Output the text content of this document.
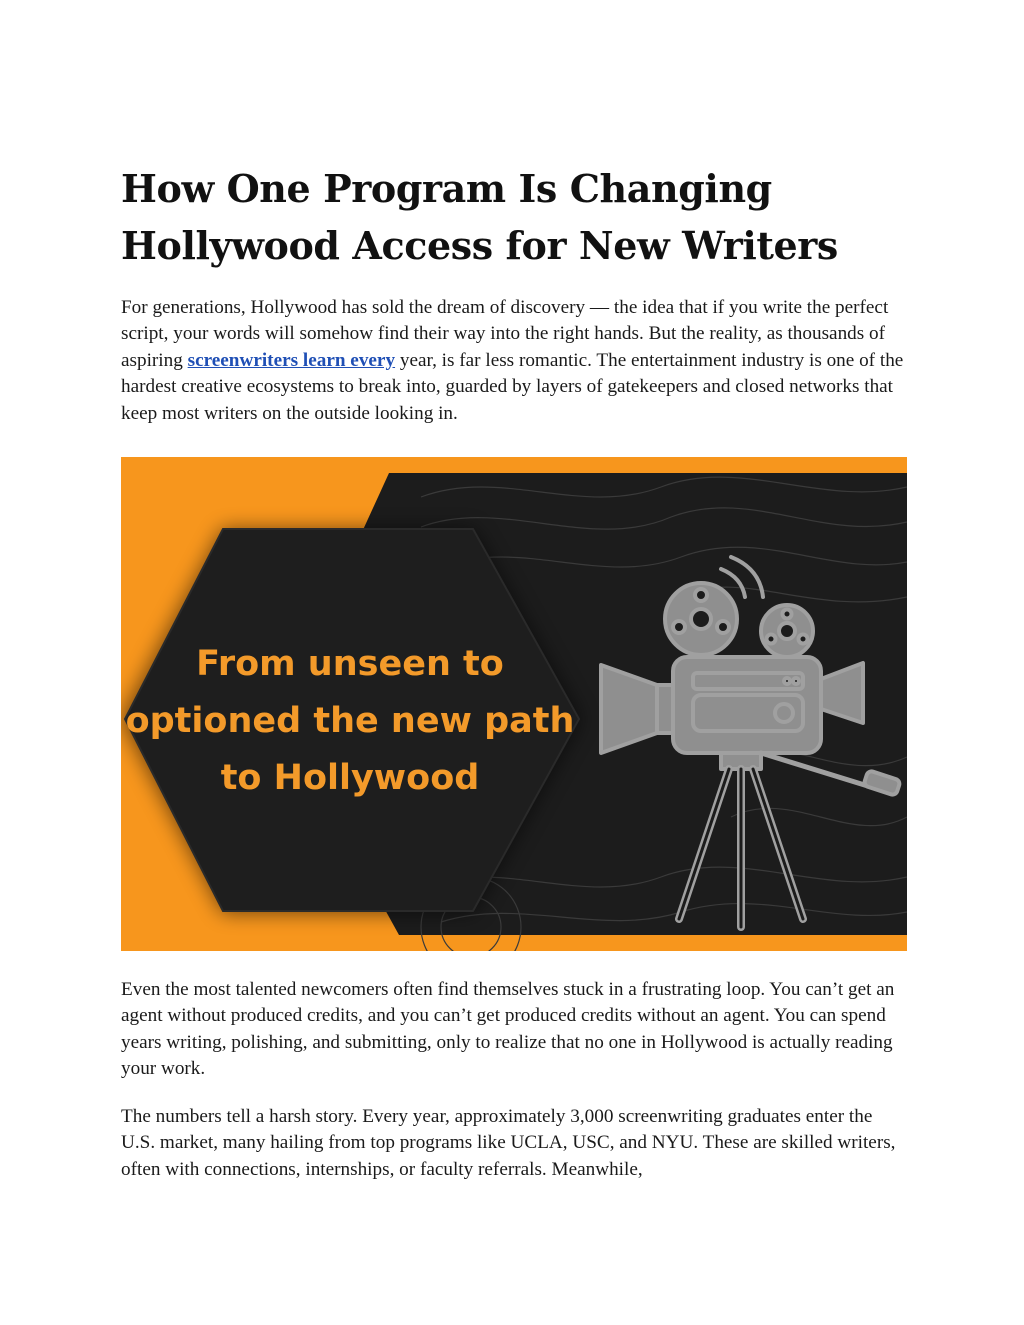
How One Program Is Changing Hollywood Access for New Writers

For generations, Hollywood has sold the dream of discovery — the idea that if you write the perfect script, your words will somehow find their way into the right hands. But the reality, as thousands of aspiring screenwriters learn every year, is far less romantic. The entertainment industry is one of the hardest creative ecosystems to break into, guarded by layers of gatekeepers and closed networks that keep most writers on the outside looking in.

From unseen to
optioned the new path
to Hollywood

Even the most talented newcomers often find themselves stuck in a frustrating loop. You can’t get an agent without produced credits, and you can’t get produced credits without an agent. You can spend years writing, polishing, and submitting, only to realize that no one in Hollywood is actually reading your work.

The numbers tell a harsh story. Every year, approximately 3,000 screenwriting graduates enter the U.S. market, many hailing from top programs like UCLA, USC, and NYU. These are skilled writers, often with connections, internships, or faculty referrals. Meanwhile,
